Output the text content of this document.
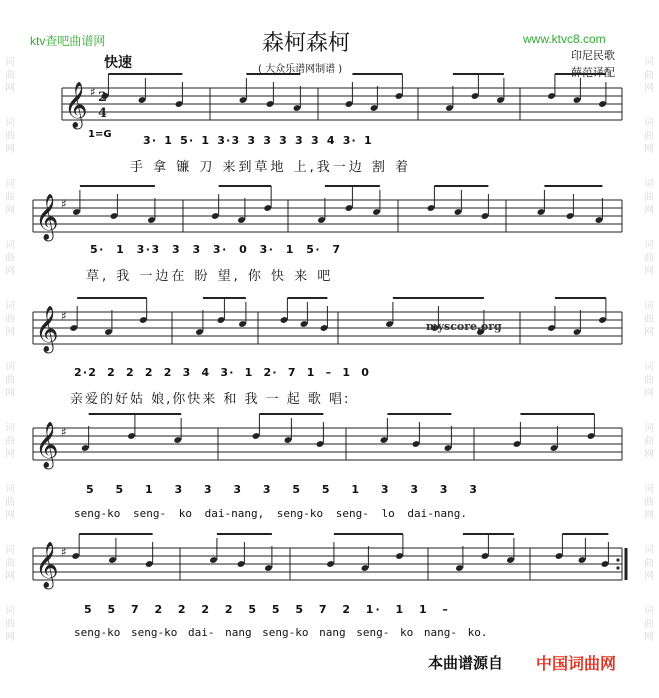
词
曲
网
词
曲
网
词
曲
网
词
曲
网
词
曲
网
词
曲
网
词
曲
网
词
曲
网
词
曲
网
词
曲
网
词
曲
网
词
曲
网
词
曲
网
词
曲
网
词
曲
网
词
曲
网
词
曲
网
词
曲
网
词
曲
网
词
曲
网
ktv查吧曲谱网	www.ktvc8.com
森柯森柯
( 大众乐谱网制谱 )
快速	印尼民歌
薛范译配
1=G
𝄞 ♯
𝄞 ♯
𝄞 ♯
𝄞 ♯
𝄞 ♯
2
4
myscore.org
3· 1 5· 1 3·3 3 3 3 3 3 4 3· 1
手 拿 镰 刀 来到草地 上,我一边 割 着
5· 1 3·3 3 3 3· 0 3· 1 5· 7
草, 我 一边在 盼 望, 你 快 来 吧
2·2 2 2 2 2 3 4 3· 1 2· 7 1 – 1 0
亲爱的好姑 娘,你快来 和 我 一 起 歌 唱:
5 5 1 3 3 3 3 5 5 1 3 3 3 3
seng-ko seng- ko dai-nang, seng-ko seng- lo dai-nang.
5 5 7 2 2 2 2 5 5 5 7 2 1· 1 1 –
seng-ko seng-ko dai- nang seng-ko nang seng- ko nang- ko.
本曲谱源自 中国词曲网
